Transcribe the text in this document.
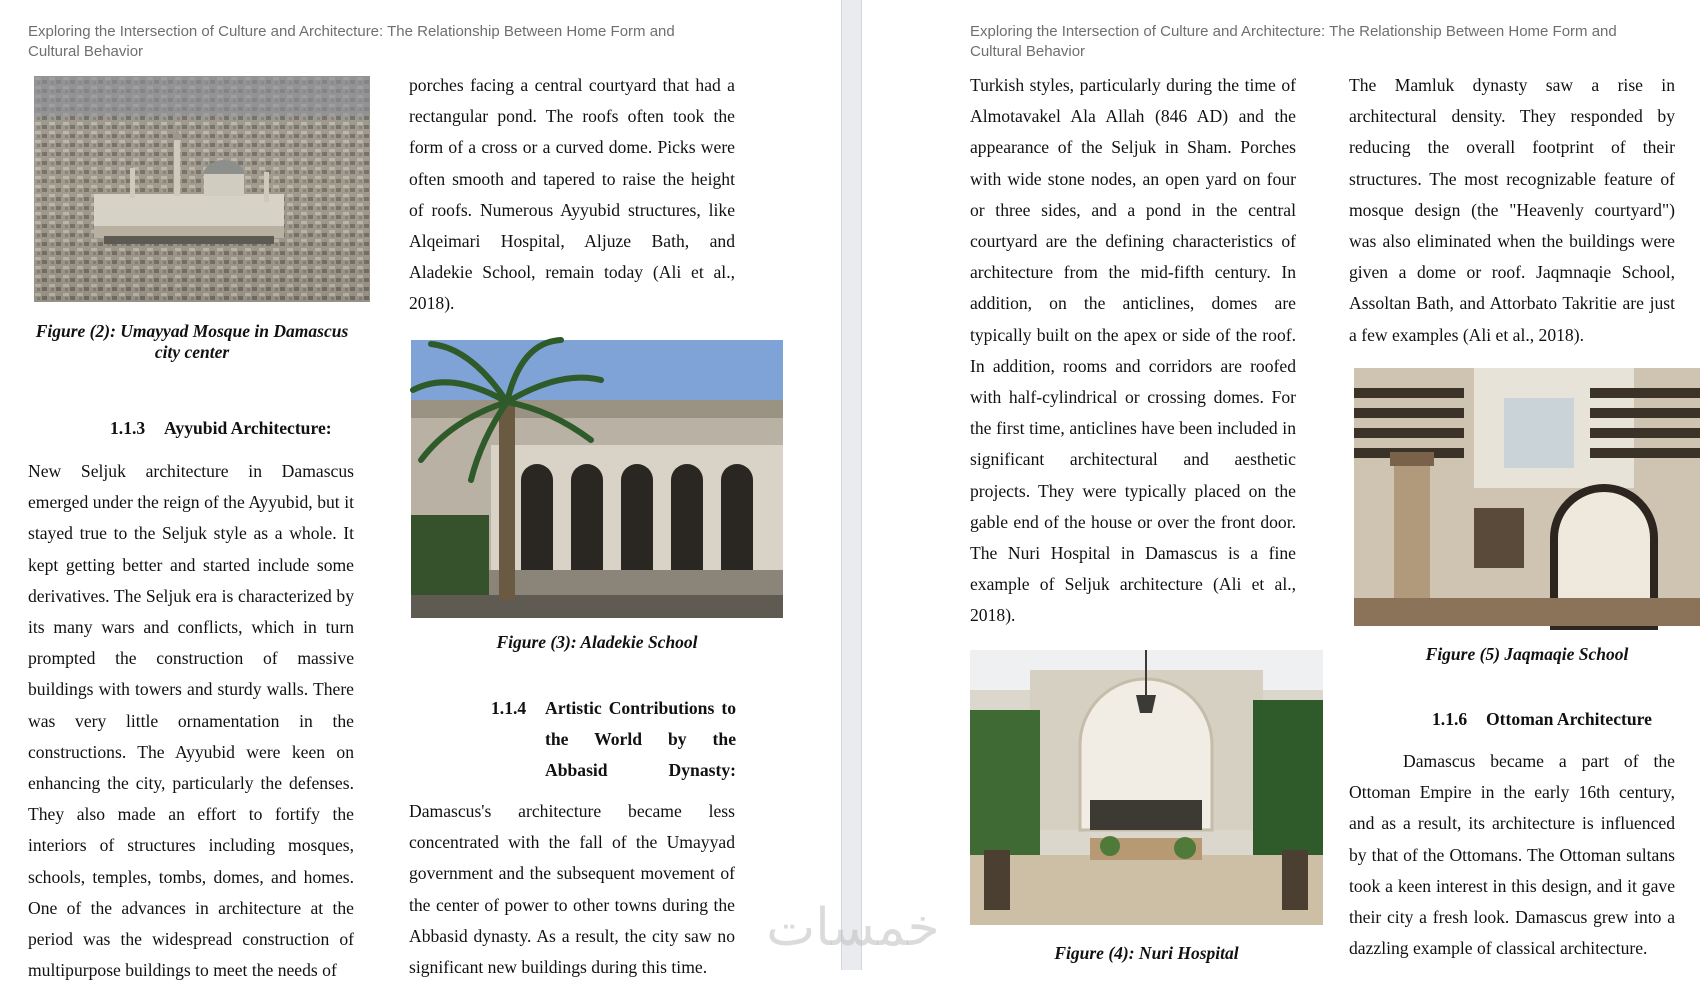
Exploring the Intersection of Culture and Architecture: The Relationship Between Home Form and Cultural Behavior
Figure (2): Umayyad Mosque in Damascus city center
1.1.3 Ayyubid Architecture:

New Seljuk architecture in Damascus emerged under the reign of the Ayyubid, but it stayed true to the Seljuk style as a whole. It kept getting better and started include some derivatives. The Seljuk era is characterized by its many wars and conflicts, which in turn prompted the construction of massive buildings with towers and sturdy walls. There was very little ornamentation in the constructions. The Ayyubid were keen on enhancing the city, particularly the defenses. They also made an effort to fortify the interiors of structures including mosques, schools, temples, tombs, domes, and homes. One of the advances in architecture at the period was the widespread construction of multipurpose buildings to meet the needs of

porches facing a central courtyard that had a rectangular pond. The roofs often took the form of a cross or a curved dome. Picks were often smooth and tapered to raise the height of roofs. Numerous Ayyubid structures, like Alqeimari Hospital, Aljuze Bath, and Aladekie School, remain today (Ali et al., 2018).

Figure (3): Aladekie School
1.1.4 Artistic Contributions to the World by the Abbasid Dynasty:

Damascus's architecture became less concentrated with the fall of the Umayyad government and the subsequent movement of the center of power to other towns during the Abbasid dynasty. As a result, the city saw no significant new buildings during this time.

Exploring the Intersection of Culture and Architecture: The Relationship Between Home Form and Cultural Behavior

Turkish styles, particularly during the time of Almotavakel Ala Allah (846 AD) and the appearance of the Seljuk in Sham. Porches with wide stone nodes, an open yard on four or three sides, and a pond in the central courtyard are the defining characteristics of architecture from the mid-fifth century. In addition, on the anticlines, domes are typically built on the apex or side of the roof. In addition, rooms and corridors are roofed with half-cylindrical or crossing domes. For the first time, anticlines have been included in significant architectural and aesthetic projects. They were typically placed on the gable end of the house or over the front door. The Nuri Hospital in Damascus is a fine example of Seljuk architecture (Ali et al., 2018).

Figure (4): Nuri Hospital

The Mamluk dynasty saw a rise in architectural density. They responded by reducing the overall footprint of their structures. The most recognizable feature of mosque design (the "Heavenly courtyard") was also eliminated when the buildings were given a dome or roof. Jaqmnaqie School, Assoltan Bath, and Attorbato Takritie are just a few examples (Ali et al., 2018).

Figure (5) Jaqmaqie School
1.1.6 Ottoman Architecture

Damascus became a part of the Ottoman Empire in the early 16th century, and as a result, its architecture is influenced by that of the Ottomans. The Ottoman sultans took a keen interest in this design, and it gave their city a fresh look. Damascus grew into a dazzling example of classical architecture.

خمسات
